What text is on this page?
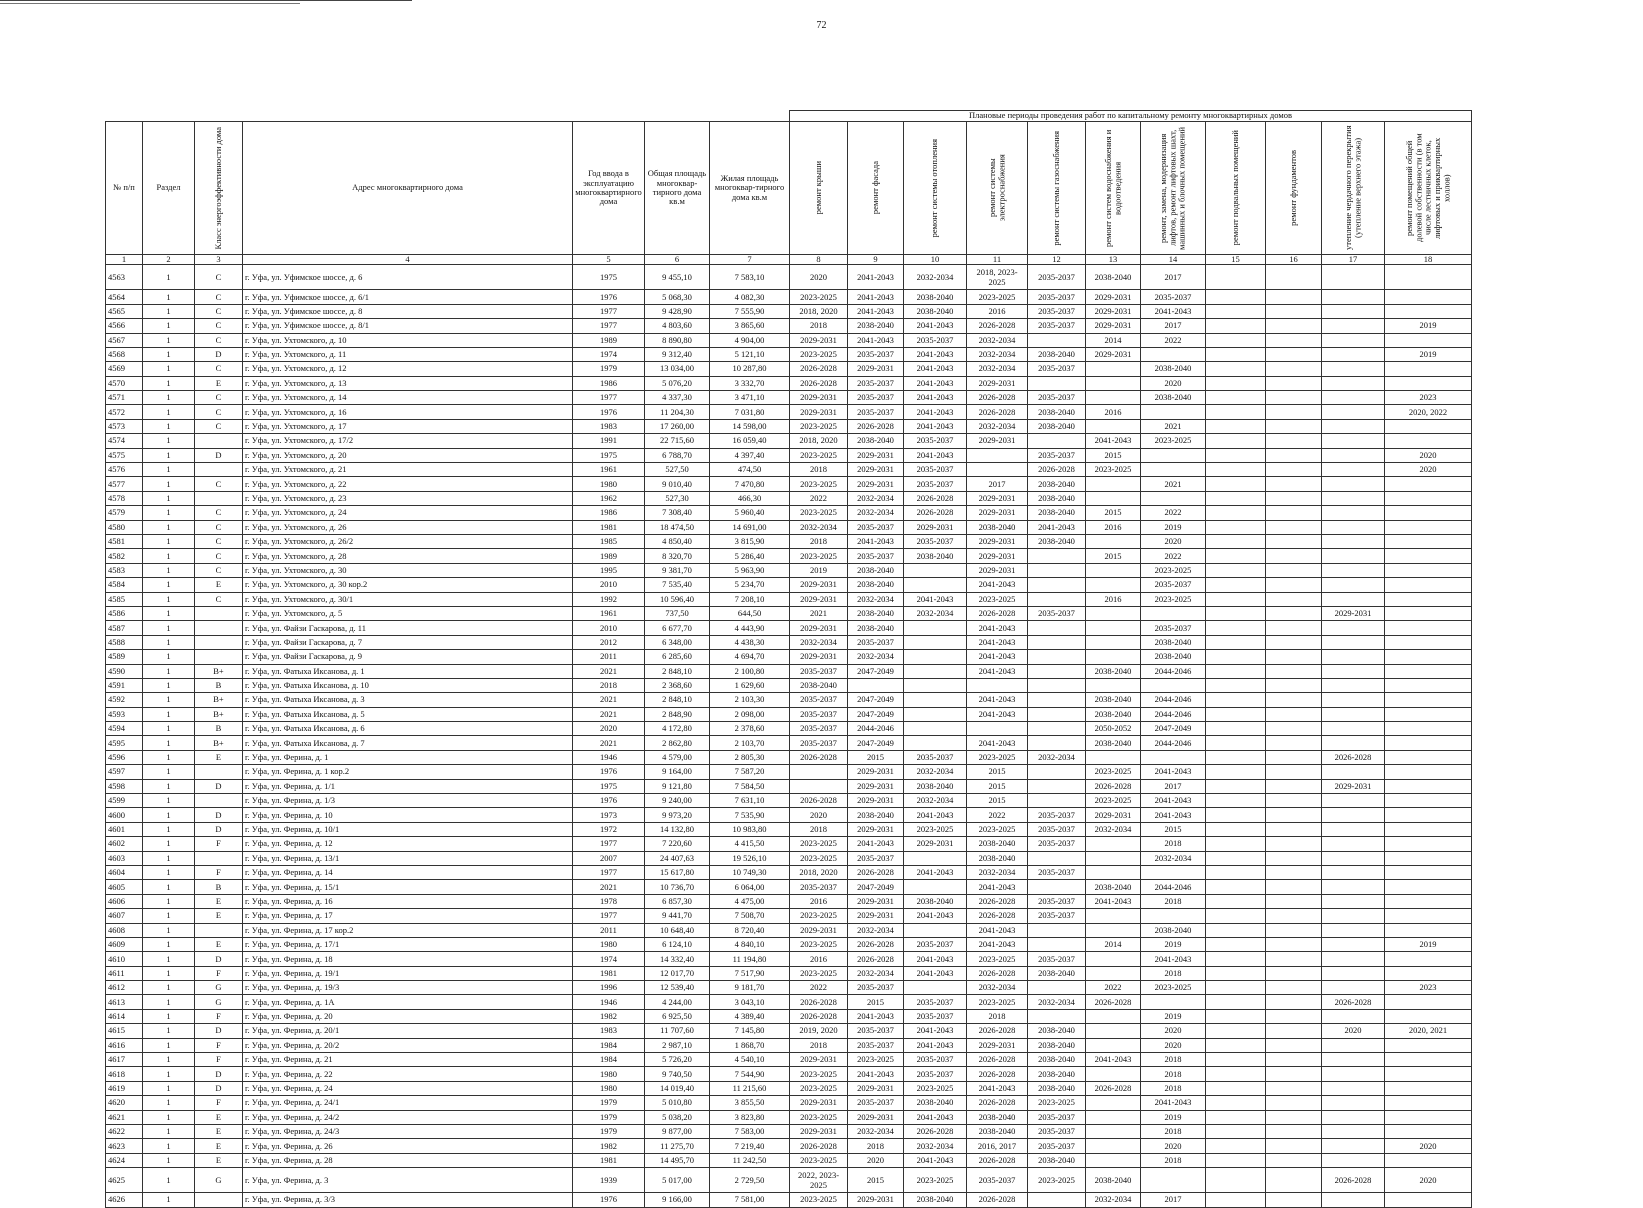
72
							Плановые периоды проведения работ по капитальному ремонту многоквартирных домов										
№ п/п	Раздел	Класс энергоэффективности дома	Адрес многоквартирного дома	Год ввода в эксплуатацию многоквартирного дома	Общая площадь многоквар-тирного дома кв.м	Жилая площадь многоквар-тирного дома кв.м	ремонт крыши	ремонт фасада	ремонт системы отопления	ремонт системы электроснабжения	ремонт системы газоснабжения	ремонт систем водоснабжения и водоотведения	ремонт, замена, модернизация лифтов, ремонт лифтовых шахт, машинных и блочных помещений	ремонт подвальных помещений	ремонт фундаментов	утепление чердачного перекрытия (утепление верхнего этажа)	ремонт помещений общей долевой собственности (в том числе лестничных клеток, лифтовых и приквартирных холлов)

1	2	3	4	5	6	7	8	9	10	11	12	13	14	15	16	17	18
4563	1	C	г. Уфа, ул. Уфимское шоссе, д. 6	1975	9 455,10	7 583,10	2020	2041-2043	2032-2034	2018, 2023-2025	2035-2037	2038-2040	2017				
4564	1	C	г. Уфа, ул. Уфимское шоссе, д. 6/1	1976	5 068,30	4 082,30	2023-2025	2041-2043	2038-2040	2023-2025	2035-2037	2029-2031	2035-2037				
4565	1	C	г. Уфа, ул. Уфимское шоссе, д. 8	1977	9 428,90	7 555,90	2018, 2020	2041-2043	2038-2040	2016	2035-2037	2029-2031	2041-2043				
4566	1	C	г. Уфа, ул. Уфимское шоссе, д. 8/1	1977	4 803,60	3 865,60	2018	2038-2040	2041-2043	2026-2028	2035-2037	2029-2031	2017				2019
4567	1	C	г. Уфа, ул. Ухтомского, д. 10	1989	8 890,80	4 904,00	2029-2031	2041-2043	2035-2037	2032-2034		2014	2022				
4568	1	D	г. Уфа, ул. Ухтомского, д. 11	1974	9 312,40	5 121,10	2023-2025	2035-2037	2041-2043	2032-2034	2038-2040	2029-2031					2019
4569	1	C	г. Уфа, ул. Ухтомского, д. 12	1979	13 034,00	10 287,80	2026-2028	2029-2031	2041-2043	2032-2034	2035-2037		2038-2040				
4570	1	E	г. Уфа, ул. Ухтомского, д. 13	1986	5 076,20	3 332,70	2026-2028	2035-2037	2041-2043	2029-2031			2020				
4571	1	C	г. Уфа, ул. Ухтомского, д. 14	1977	4 337,30	3 471,10	2029-2031	2035-2037	2041-2043	2026-2028	2035-2037		2038-2040				2023
4572	1	C	г. Уфа, ул. Ухтомского, д. 16	1976	11 204,30	7 031,80	2029-2031	2035-2037	2041-2043	2026-2028	2038-2040	2016					2020, 2022
4573	1	C	г. Уфа, ул. Ухтомского, д. 17	1983	17 260,00	14 598,00	2023-2025	2026-2028	2041-2043	2032-2034	2038-2040		2021				
4574	1		г. Уфа, ул. Ухтомского, д. 17/2	1991	22 715,60	16 059,40	2018, 2020	2038-2040	2035-2037	2029-2031		2041-2043	2023-2025				
4575	1	D	г. Уфа, ул. Ухтомского, д. 20	1975	6 788,70	4 397,40	2023-2025	2029-2031	2041-2043		2035-2037	2015					2020
4576	1		г. Уфа, ул. Ухтомского, д. 21	1961	527,50	474,50	2018	2029-2031	2035-2037		2026-2028	2023-2025					2020
4577	1	C	г. Уфа, ул. Ухтомского, д. 22	1980	9 010,40	7 470,80	2023-2025	2029-2031	2035-2037	2017	2038-2040		2021				
4578	1		г. Уфа, ул. Ухтомского, д. 23	1962	527,30	466,30	2022	2032-2034	2026-2028	2029-2031	2038-2040						
4579	1	C	г. Уфа, ул. Ухтомского, д. 24	1986	7 308,40	5 960,40	2023-2025	2032-2034	2026-2028	2029-2031	2038-2040	2015	2022				
4580	1	C	г. Уфа, ул. Ухтомского, д. 26	1981	18 474,50	14 691,00	2032-2034	2035-2037	2029-2031	2038-2040	2041-2043	2016	2019				
4581	1	C	г. Уфа, ул. Ухтомского, д. 26/2	1985	4 850,40	3 815,90	2018	2041-2043	2035-2037	2029-2031	2038-2040		2020				
4582	1	C	г. Уфа, ул. Ухтомского, д. 28	1989	8 320,70	5 286,40	2023-2025	2035-2037	2038-2040	2029-2031		2015	2022				
4583	1	C	г. Уфа, ул. Ухтомского, д. 30	1995	9 381,70	5 963,90	2019	2038-2040		2029-2031			2023-2025				
4584	1	E	г. Уфа, ул. Ухтомского, д. 30 кор.2	2010	7 535,40	5 234,70	2029-2031	2038-2040		2041-2043			2035-2037				
4585	1	C	г. Уфа, ул. Ухтомского, д. 30/1	1992	10 596,40	7 208,10	2029-2031	2032-2034	2041-2043	2023-2025		2016	2023-2025				
4586	1		г. Уфа, ул. Ухтомского, д. 5	1961	737,50	644,50	2021	2038-2040	2032-2034	2026-2028	2035-2037					2029-2031	
4587	1		г. Уфа, ул. Файзи Гаскарова, д. 11	2010	6 677,70	4 443,90	2029-2031	2038-2040		2041-2043			2035-2037				
4588	1		г. Уфа, ул. Файзи Гаскарова, д. 7	2012	6 348,00	4 438,30	2032-2034	2035-2037		2041-2043			2038-2040				
4589	1		г. Уфа, ул. Файзи Гаскарова, д. 9	2011	6 285,60	4 694,70	2029-2031	2032-2034		2041-2043			2038-2040				
4590	1	B+	г. Уфа, ул. Фатыха Иксанова, д. 1	2021	2 848,10	2 100,80	2035-2037	2047-2049		2041-2043		2038-2040	2044-2046				
4591	1	B	г. Уфа, ул. Фатыха Иксанова, д. 10	2018	2 368,60	1 629,60	2038-2040										
4592	1	B+	г. Уфа, ул. Фатыха Иксанова, д. 3	2021	2 848,10	2 103,30	2035-2037	2047-2049		2041-2043		2038-2040	2044-2046				
4593	1	B+	г. Уфа, ул. Фатыха Иксанова, д. 5	2021	2 848,90	2 098,00	2035-2037	2047-2049		2041-2043		2038-2040	2044-2046				
4594	1	B	г. Уфа, ул. Фатыха Иксанова, д. 6	2020	4 172,80	2 378,60	2035-2037	2044-2046				2050-2052	2047-2049				
4595	1	B+	г. Уфа, ул. Фатыха Иксанова, д. 7	2021	2 862,80	2 103,70	2035-2037	2047-2049		2041-2043		2038-2040	2044-2046				
4596	1	E	г. Уфа, ул. Ферина, д. 1	1946	4 579,00	2 805,30	2026-2028	2015	2035-2037	2023-2025	2032-2034					2026-2028	
4597	1		г. Уфа, ул. Ферина, д. 1 кор.2	1976	9 164,00	7 587,20		2029-2031	2032-2034	2015		2023-2025	2041-2043				
4598	1	D	г. Уфа, ул. Ферина, д. 1/1	1975	9 121,80	7 584,50		2029-2031	2038-2040	2015		2026-2028	2017			2029-2031	
4599	1		г. Уфа, ул. Ферина, д. 1/3	1976	9 240,00	7 631,10	2026-2028	2029-2031	2032-2034	2015		2023-2025	2041-2043				
4600	1	D	г. Уфа, ул. Ферина, д. 10	1973	9 973,20	7 535,90	2020	2038-2040	2041-2043	2022	2035-2037	2029-2031	2041-2043				
4601	1	D	г. Уфа, ул. Ферина, д. 10/1	1972	14 132,80	10 983,80	2018	2029-2031	2023-2025	2023-2025	2035-2037	2032-2034	2015				
4602	1	F	г. Уфа, ул. Ферина, д. 12	1977	7 220,60	4 415,50	2023-2025	2041-2043	2029-2031	2038-2040	2035-2037		2018				
4603	1		г. Уфа, ул. Ферина, д. 13/1	2007	24 407,63	19 526,10	2023-2025	2035-2037		2038-2040			2032-2034				
4604	1	F	г. Уфа, ул. Ферина, д. 14	1977	15 617,80	10 749,30	2018, 2020	2026-2028	2041-2043	2032-2034	2035-2037						
4605	1	B	г. Уфа, ул. Ферина, д. 15/1	2021	10 736,70	6 064,00	2035-2037	2047-2049		2041-2043		2038-2040	2044-2046				
4606	1	E	г. Уфа, ул. Ферина, д. 16	1978	6 857,30	4 475,00	2016	2029-2031	2038-2040	2026-2028	2035-2037	2041-2043	2018				
4607	1	E	г. Уфа, ул. Ферина, д. 17	1977	9 441,70	7 508,70	2023-2025	2029-2031	2041-2043	2026-2028	2035-2037						
4608	1		г. Уфа, ул. Ферина, д. 17 кор.2	2011	10 648,40	8 720,40	2029-2031	2032-2034		2041-2043			2038-2040				
4609	1	E	г. Уфа, ул. Ферина, д. 17/1	1980	6 124,10	4 840,10	2023-2025	2026-2028	2035-2037	2041-2043		2014	2019				2019
4610	1	D	г. Уфа, ул. Ферина, д. 18	1974	14 332,40	11 194,80	2016	2026-2028	2041-2043	2023-2025	2035-2037		2041-2043				
4611	1	F	г. Уфа, ул. Ферина, д. 19/1	1981	12 017,70	7 517,90	2023-2025	2032-2034	2041-2043	2026-2028	2038-2040		2018				
4612	1	G	г. Уфа, ул. Ферина, д. 19/3	1996	12 539,40	9 181,70	2022	2035-2037		2032-2034		2022	2023-2025				2023
4613	1	G	г. Уфа, ул. Ферина, д. 1А	1946	4 244,00	3 043,10	2026-2028	2015	2035-2037	2023-2025	2032-2034	2026-2028				2026-2028	
4614	1	F	г. Уфа, ул. Ферина, д. 20	1982	6 925,50	4 389,40	2026-2028	2041-2043	2035-2037	2018			2019				
4615	1	D	г. Уфа, ул. Ферина, д. 20/1	1983	11 707,60	7 145,80	2019, 2020	2035-2037	2041-2043	2026-2028	2038-2040		2020			2020	2020, 2021
4616	1	F	г. Уфа, ул. Ферина, д. 20/2	1984	2 987,10	1 868,70	2018	2035-2037	2041-2043	2029-2031	2038-2040		2020				
4617	1	F	г. Уфа, ул. Ферина, д. 21	1984	5 726,20	4 540,10	2029-2031	2023-2025	2035-2037	2026-2028	2038-2040	2041-2043	2018				
4618	1	D	г. Уфа, ул. Ферина, д. 22	1980	9 740,50	7 544,90	2023-2025	2041-2043	2035-2037	2026-2028	2038-2040		2018				
4619	1	D	г. Уфа, ул. Ферина, д. 24	1980	14 019,40	11 215,60	2023-2025	2029-2031	2023-2025	2041-2043	2038-2040	2026-2028	2018				
4620	1	F	г. Уфа, ул. Ферина, д. 24/1	1979	5 010,80	3 855,50	2029-2031	2035-2037	2038-2040	2026-2028	2023-2025		2041-2043				
4621	1	E	г. Уфа, ул. Ферина, д. 24/2	1979	5 038,20	3 823,80	2023-2025	2029-2031	2041-2043	2038-2040	2035-2037		2019				
4622	1	E	г. Уфа, ул. Ферина, д. 24/3	1979	9 877,00	7 583,00	2029-2031	2032-2034	2026-2028	2038-2040	2035-2037		2018				
4623	1	E	г. Уфа, ул. Ферина, д. 26	1982	11 275,70	7 219,40	2026-2028	2018	2032-2034	2016, 2017	2035-2037		2020				2020
4624	1	E	г. Уфа, ул. Ферина, д. 28	1981	14 495,70	11 242,50	2023-2025	2020	2041-2043	2026-2028	2038-2040		2018				
4625	1	G	г. Уфа, ул. Ферина, д. 3	1939	5 017,00	2 729,50	2022, 2023-2025	2015	2023-2025	2035-2037	2023-2025	2038-2040				2026-2028	2020
4626	1		г. Уфа, ул. Ферина, д. 3/3	1976	9 166,00	7 581,00	2023-2025	2029-2031	2038-2040	2026-2028		2032-2034	2017				
